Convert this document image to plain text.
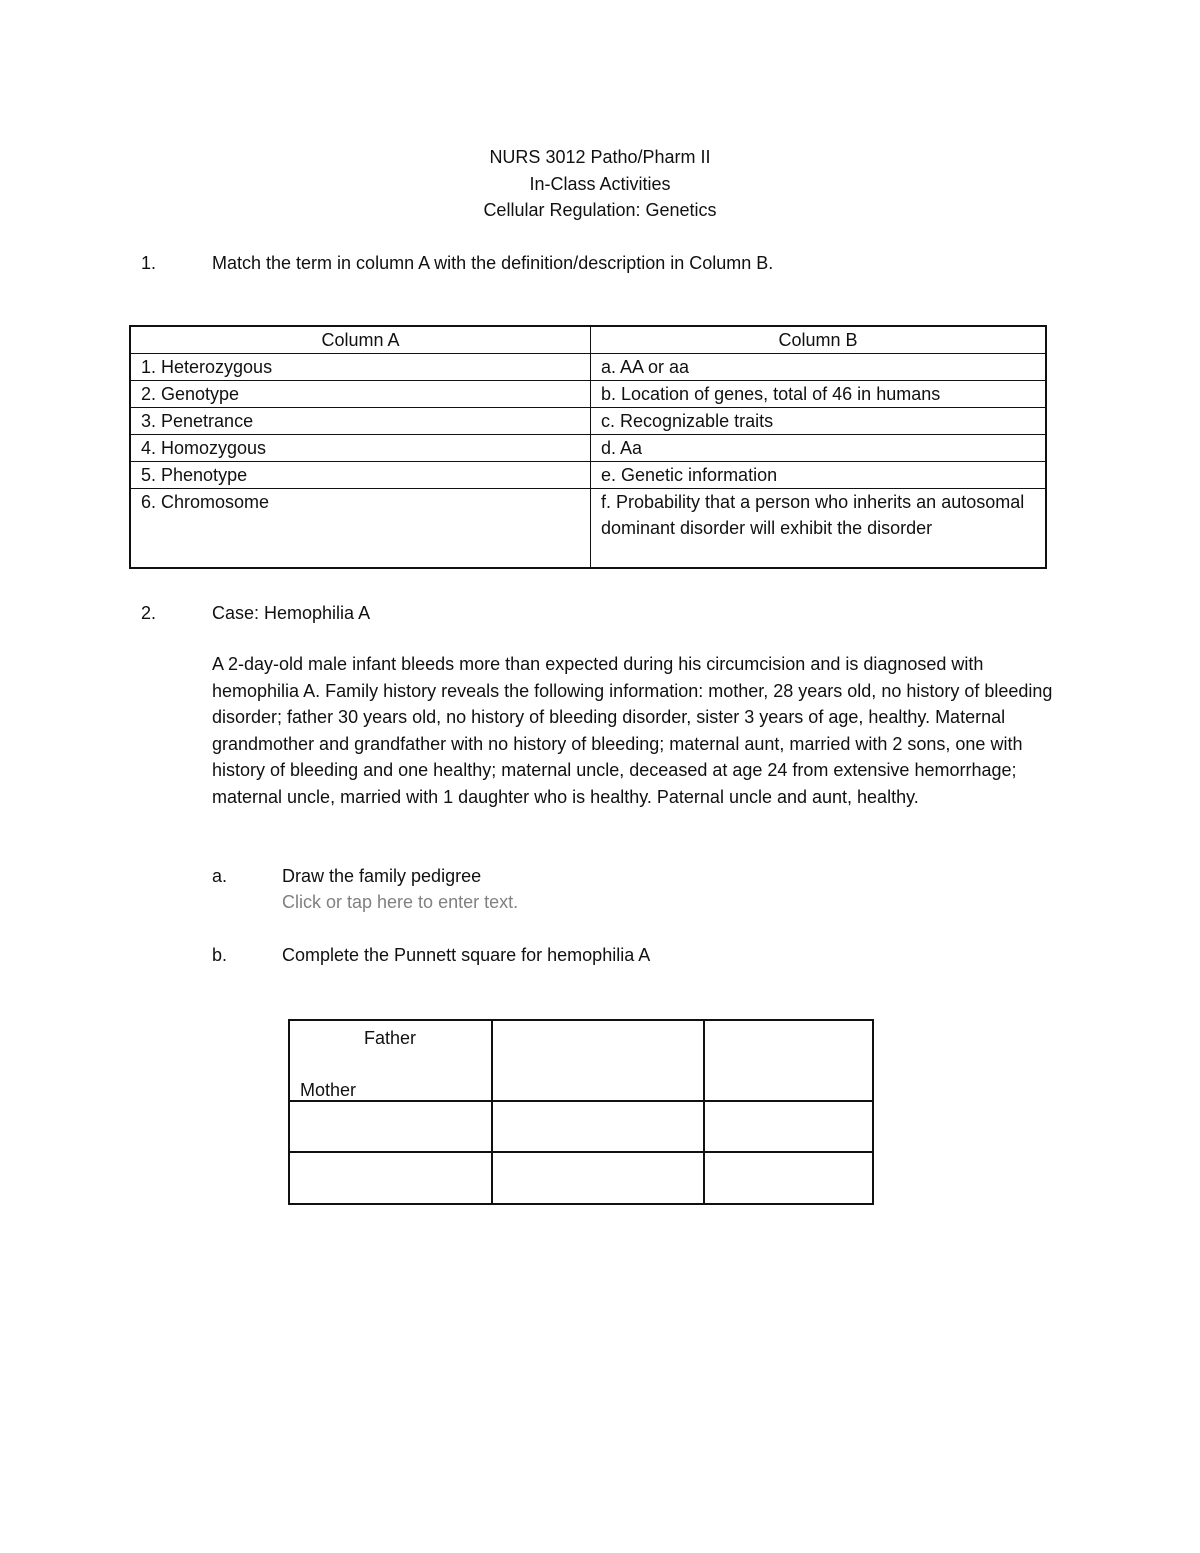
NURS 3012 Patho/Pharm II
In-Class Activities
Cellular Regulation: Genetics
1.	Match the term in column A with the definition/description in Column B.
Column A	Column B
1. Heterozygous	a. AA or aa
2. Genotype	b. Location of genes, total of 46 in humans
3. Penetrance	c. Recognizable traits
4. Homozygous	d. Aa
5. Phenotype	e. Genetic information
6. Chromosome	f. Probability that a person who inherits an autosomal dominant disorder will exhibit the disorder
2.	Case: Hemophilia A
A 2-day-old male infant bleeds more than expected during his circumcision and is diagnosed with hemophilia A. Family history reveals the following information: mother, 28 years old, no history of bleeding disorder; father 30 years old, no history of bleeding disorder, sister 3 years of age, healthy. Maternal grandmother and grandfather with no history of bleeding; maternal aunt, married with 2 sons, one with history of bleeding and one healthy; maternal uncle, deceased at age 24 from extensive hemorrhage; maternal uncle, married with 1 daughter who is healthy. Paternal uncle and aunt, healthy.
a.	Draw the family pedigree
Click or tap here to enter text.
b.	Complete the Punnett square for hemophilia A
Father
Mother		
